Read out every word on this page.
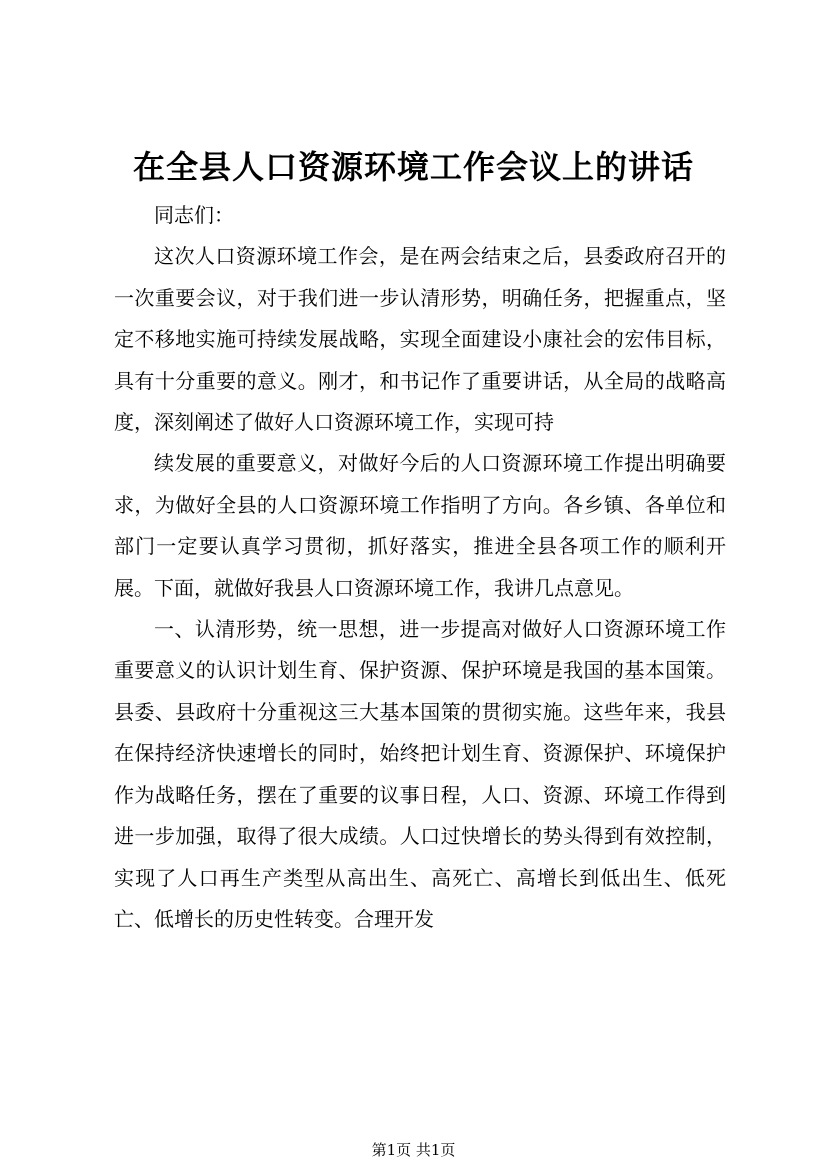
在全县人口资源环境工作会议上的讲话

同志们：

这次人口资源环境工作会，是在两会结束之后，县委政府召开的一次重要会议，对于我们进一步认清形势，明确任务，把握重点，坚定不移地实施可持续发展战略，实现全面建设小康社会的宏伟目标，具有十分重要的意义。刚才，和书记作了重要讲话，从全局的战略高度，深刻阐述了做好人口资源环境工作，实现可持

续发展的重要意义，对做好今后的人口资源环境工作提出明确要求，为做好全县的人口资源环境工作指明了方向。各乡镇、各单位和部门一定要认真学习贯彻，抓好落实，推进全县各项工作的顺利开展。下面，就做好我县人口资源环境工作，我讲几点意见。

一、认清形势，统一思想，进一步提高对做好人口资源环境工作重要意义的认识计划生育、保护资源、保护环境是我国的基本国策。县委、县政府十分重视这三大基本国策的贯彻实施。这些年来，我县在保持经济快速增长的同时，始终把计划生育、资源保护、环境保护作为战略任务，摆在了重要的议事日程，人口、资源、环境工作得到进一步加强，取得了很大成绩。人口过快增长的势头得到有效控制，实现了人口再生产类型从高出生、高死亡、高增长到低出生、低死亡、低增长的历史性转变。合理开发

第1页 共1页
